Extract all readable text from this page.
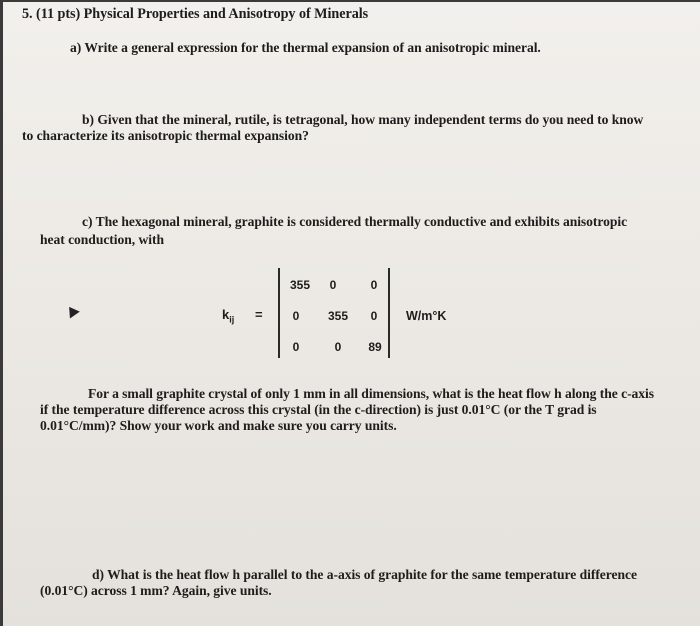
5. (11 pts) Physical Properties and Anisotropy of Minerals
a) Write a general expression for the thermal expansion of an anisotropic mineral.
b) Given that the mineral, rutile, is tetragonal, how many independent terms do you need to know
to characterize its anisotropic thermal expansion?
c) The hexagonal mineral, graphite is considered thermally conductive and exhibits anisotropic
heat conduction, with
$k_{ij}$ =
355	0	0
0	355	0
0	0	89
W/m°K
For a small graphite crystal of only 1 mm in all dimensions, what is the heat flow h along the c-axis
if the temperature difference across this crystal (in the c-direction) is just 0.01°C (or the T grad is
0.01°C/mm)? Show your work and make sure you carry units.
d) What is the heat flow h parallel to the a-axis of graphite for the same temperature difference
(0.01°C) across 1 mm? Again, give units.
